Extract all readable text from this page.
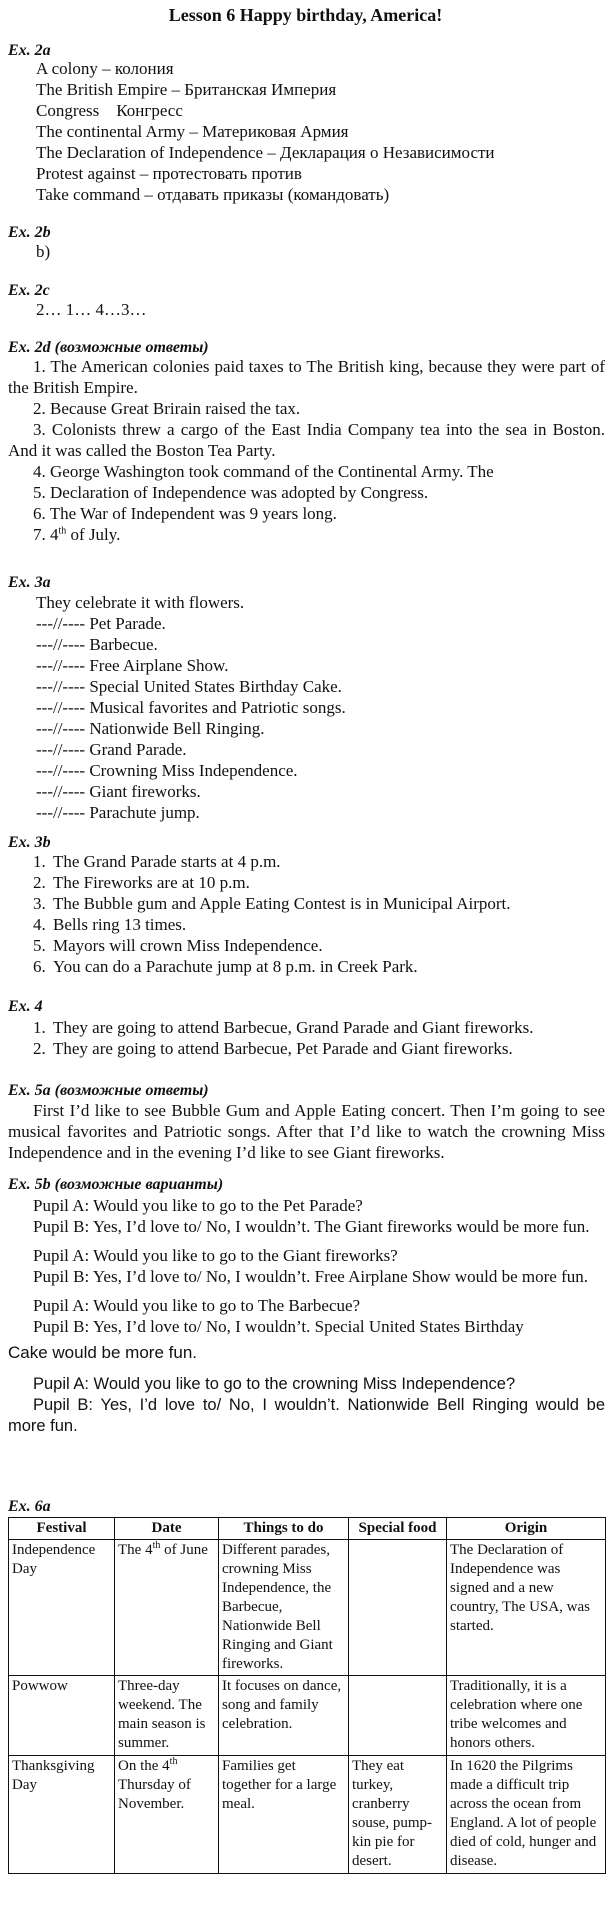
Lesson 6 Happy birthday, America!
Ex. 2a
A colony – колония
The British Empire – Британская Империя
Congress    Конгресс
The continental Army – Материковая Армия
The Declaration of Independence – Декларация о Независимости
Protest against – протестовать против
Take command – отдавать приказы (командовать)
Ex. 2b
b)
Ex. 2c
2… 1… 4…3…
Ex. 2d (возможные ответы)
1. The American colonies paid taxes to The British king, because they were part of the British Empire.
2. Because Great Brirain raised the tax.
3. Colonists threw a cargo of the East India Company tea into the sea in Boston. And it was called the Boston Tea Party.
4. George Washington took command of the Continental Army. The
5. Declaration of Independence was adopted by Congress.
6. The War of Independent was 9 years long.
7. 4th of July.
Ex. 3a
They celebrate it with flowers.
---//---- Pet Parade.
---//---- Barbecue.
---//---- Free Airplane Show.
---//---- Special United States Birthday Cake.
---//---- Musical favorites and Patriotic songs.
---//---- Nationwide Bell Ringing.
---//---- Grand Parade.
---//---- Crowning Miss Independence.
---//---- Giant fireworks.
---//---- Parachute jump.
Ex. 3b
1. The Grand Parade starts at 4 p.m.
2. The Fireworks are at 10 p.m.
3. The Bubble gum and Apple Eating Contest is in Municipal Airport.
4. Bells ring 13 times.
5. Mayors will crown Miss Independence.
6. You can do a Parachute jump at 8 p.m. in Creek Park.
Ex. 4
1. They are going to attend Barbecue, Grand Parade and Giant fireworks.
2. They are going to attend Barbecue, Pet Parade and Giant fireworks.
Ex. 5a (возможные ответы)
First I’d like to see Bubble Gum and Apple Eating concert. Then I’m going to see musical favorites and Patriotic songs. After that I’d like to watch the crowning Miss Independence and in the evening I’d like to see Giant fireworks.
Ex. 5b (возможные варианты)
Pupil A: Would you like to go to the Pet Parade?
Pupil B: Yes, I’d love to/ No, I wouldn’t. The Giant fireworks would be more fun.
Pupil A: Would you like to go to the Giant fireworks?
Pupil B: Yes, I’d love to/ No, I wouldn’t. Free Airplane Show would be more fun.
Pupil A: Would you like to go to The Barbecue?
Pupil B: Yes, I’d love to/ No, I wouldn’t. Special United States Birthday
Cake would be more fun.
Pupil A: Would you like to go to the crowning Miss Independence?
Pupil B: Yes, I’d love to/ No, I wouldn’t. Nationwide Bell Ringing would be more fun.
Ex. 6a
Festival	Date	Things to do	Special food	Origin
Independence Day	The 4th of June	Different parades, crowning Miss Independence, the Barbecue, Nationwide Bell Ringing and Giant fireworks.		The Declaration of Independence was signed and a new country, The USA, was started.
Powwow	Three-day weekend. The main season is summer.	It focuses on dance, song and family celebration.		Traditionally, it is a celebration where one tribe welcomes and honors others.
Thanksgiving Day	On the 4th Thursday of November.	Families get together for a large meal.	They eat turkey, cranberry souse, pump-kin pie for desert.	In 1620 the Pilgrims made a difficult trip across the ocean from England. A lot of people died of cold, hunger and disease.
